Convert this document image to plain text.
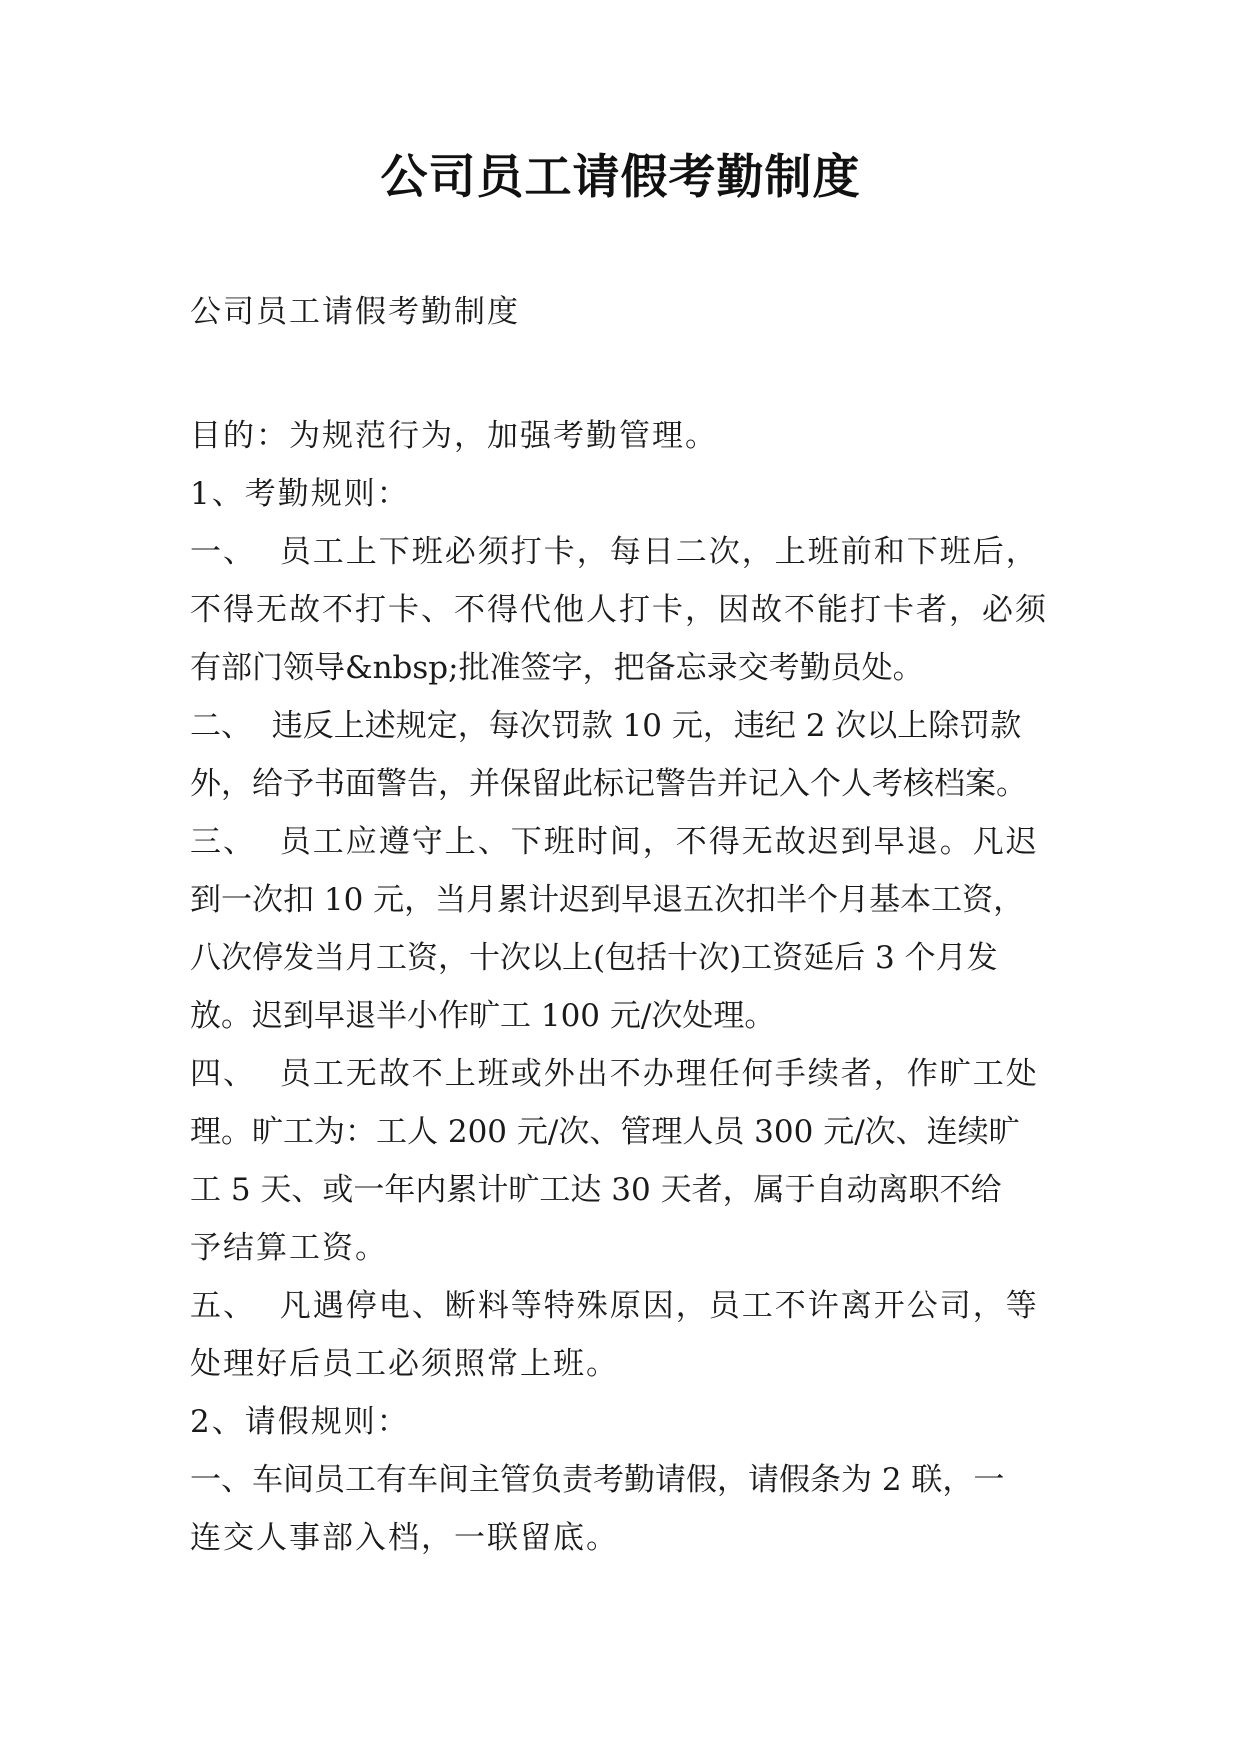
公司员工请假考勤制度
公司员工请假考勤制度
目的：为规范行为，加强考勤管理。
1、考勤规则：
一、  员工上下班必须打卡，每日二次，上班前和下班后，
不得无故不打卡、不得代他人打卡，因故不能打卡者，必须
有部门领导&nbsp;批准签字，把备忘录交考勤员处。
二、  违反上述规定，每次罚款 10 元，违纪 2 次以上除罚款
外，给予书面警告，并保留此标记警告并记入个人考核档案。
三、  员工应遵守上、下班时间，不得无故迟到早退。凡迟
到一次扣 10 元，当月累计迟到早退五次扣半个月基本工资，
八次停发当月工资，十次以上(包括十次)工资延后 3 个月发
放。迟到早退半小作旷工 100 元/次处理。
四、  员工无故不上班或外出不办理任何手续者，作旷工处
理。旷工为：工人 200 元/次、管理人员 300 元/次、连续旷
工 5 天、或一年内累计旷工达 30 天者，属于自动离职不给
予结算工资。
五、  凡遇停电、断料等特殊原因，员工不许离开公司，等
处理好后员工必须照常上班。
2、请假规则：
一、车间员工有车间主管负责考勤请假，请假条为 2 联，一
连交人事部入档，一联留底。
